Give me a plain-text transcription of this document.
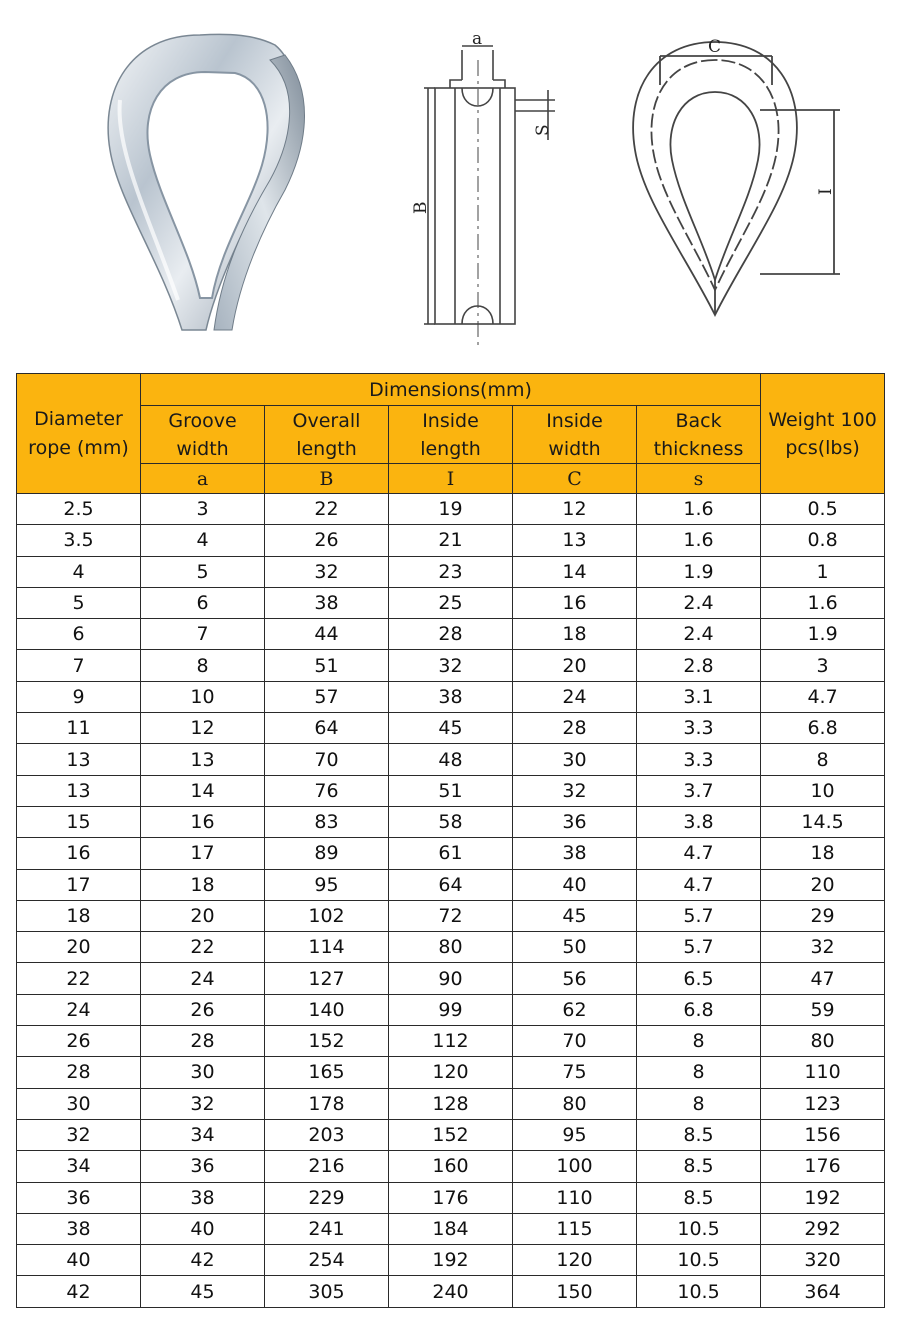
a
S
B
C
I
Diameter rope (mm)	Dimensions(mm)					Weight 100 pcs(lbs)
	Groove width	Overall length	Inside length	Inside width	Back thickness	
	a	B	I	C	s	
2.5	3	22	19	12	1.6	0.5
3.5	4	26	21	13	1.6	0.8
4	5	32	23	14	1.9	1
5	6	38	25	16	2.4	1.6
6	7	44	28	18	2.4	1.9
7	8	51	32	20	2.8	3
9	10	57	38	24	3.1	4.7
11	12	64	45	28	3.3	6.8
13	13	70	48	30	3.3	8
13	14	76	51	32	3.7	10
15	16	83	58	36	3.8	14.5
16	17	89	61	38	4.7	18
17	18	95	64	40	4.7	20
18	20	102	72	45	5.7	29
20	22	114	80	50	5.7	32
22	24	127	90	56	6.5	47
24	26	140	99	62	6.8	59
26	28	152	112	70	8	80
28	30	165	120	75	8	110
30	32	178	128	80	8	123
32	34	203	152	95	8.5	156
34	36	216	160	100	8.5	176
36	38	229	176	110	8.5	192
38	40	241	184	115	10.5	292
40	42	254	192	120	10.5	320
42	45	305	240	150	10.5	364
